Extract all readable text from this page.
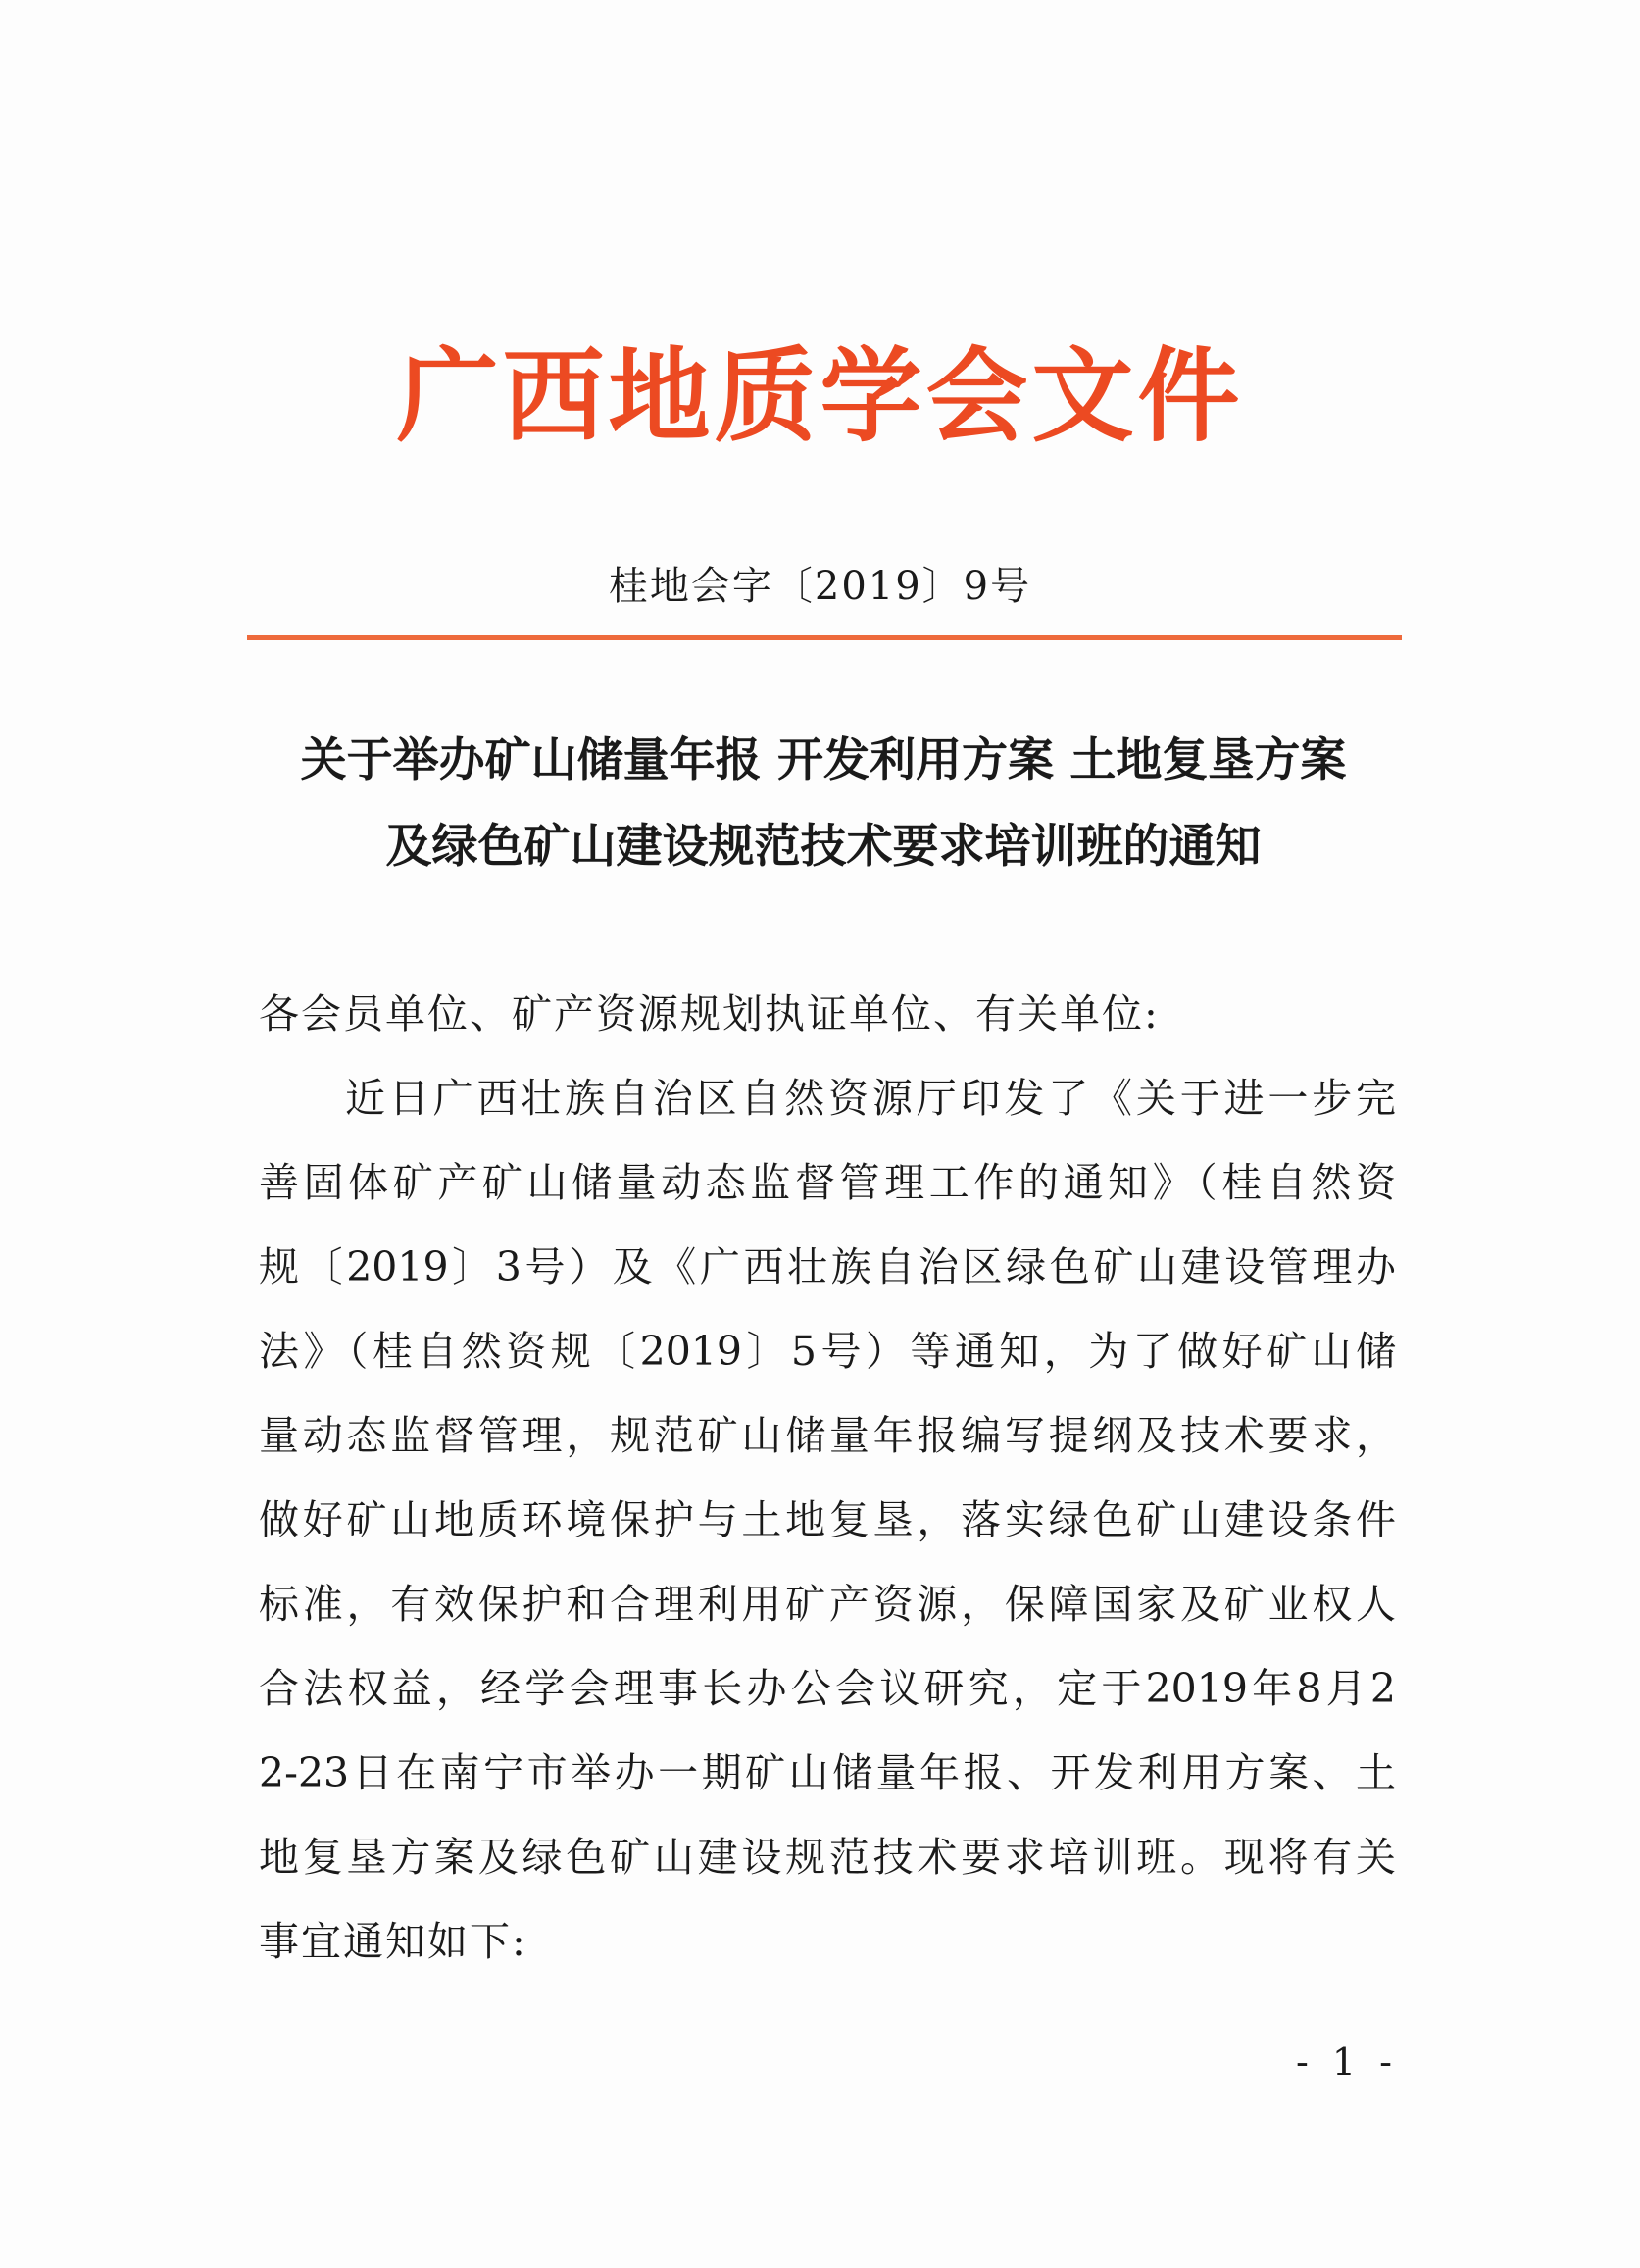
广西地质学会文件
桂地会字〔2019〕9号
关于举办矿山储量年报 开发利用方案 土地复垦方案
及绿色矿山建设规范技术要求培训班的通知
各会员单位、矿产资源规划执证单位、有关单位:
近日广西壮族自治区自然资源厅印发了《关于进一步完
善固体矿产矿山储量动态监督管理工作的通知》（桂自然资
规〔2019〕3号）及《广西壮族自治区绿色矿山建设管理办
法》（桂自然资规〔2019〕5号）等通知，为了做好矿山储
量动态监督管理，规范矿山储量年报编写提纲及技术要求，
做好矿山地质环境保护与土地复垦，落实绿色矿山建设条件
标准，有效保护和合理利用矿产资源，保障国家及矿业权人
合法权益，经学会理事长办公会议研究，定于2019年8月2
2-23日在南宁市举办一期矿山储量年报、开发利用方案、土
地复垦方案及绿色矿山建设规范技术要求培训班。现将有关
事宜通知如下:
- 1 -
